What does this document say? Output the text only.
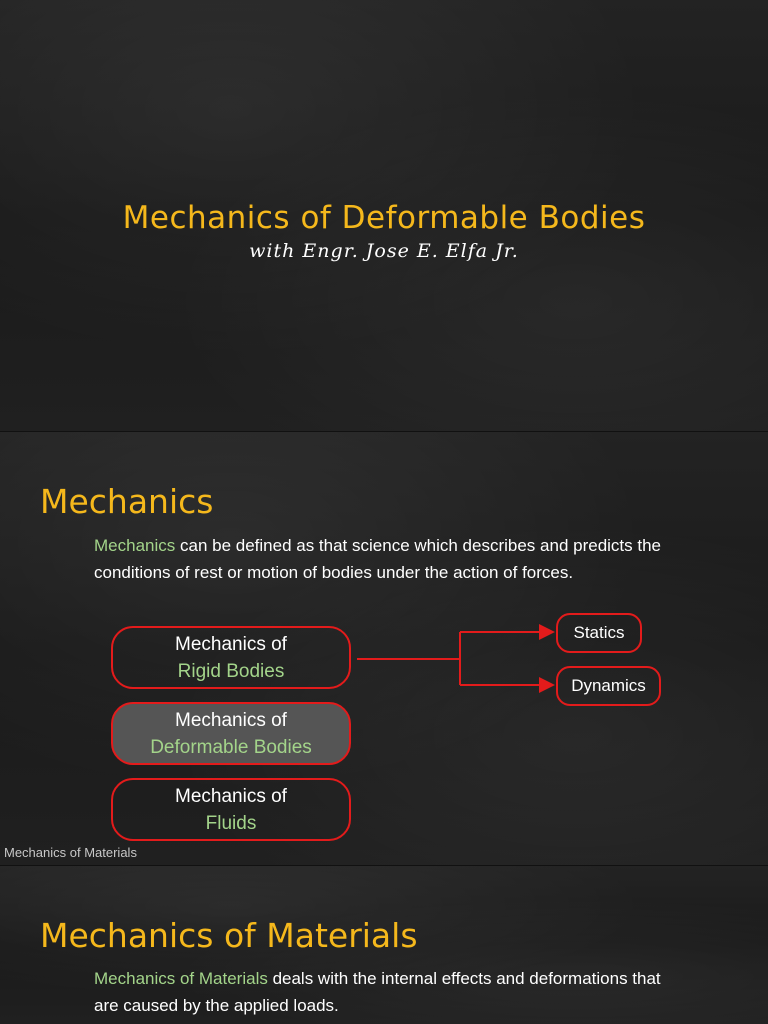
Mechanics of Deformable Bodies
with Engr. Jose E. Elfa Jr.
Mechanics
Mechanics can be defined as that science which describes and predicts the
conditions of rest or motion of bodies under the action of forces.
Mechanics of
Rigid Bodies
Mechanics of
Deformable Bodies
Mechanics of
Fluids
Statics
Dynamics
Mechanics of Materials
Mechanics of Materials
Mechanics of Materials deals with the internal effects and deformations that
are caused by the applied loads.
